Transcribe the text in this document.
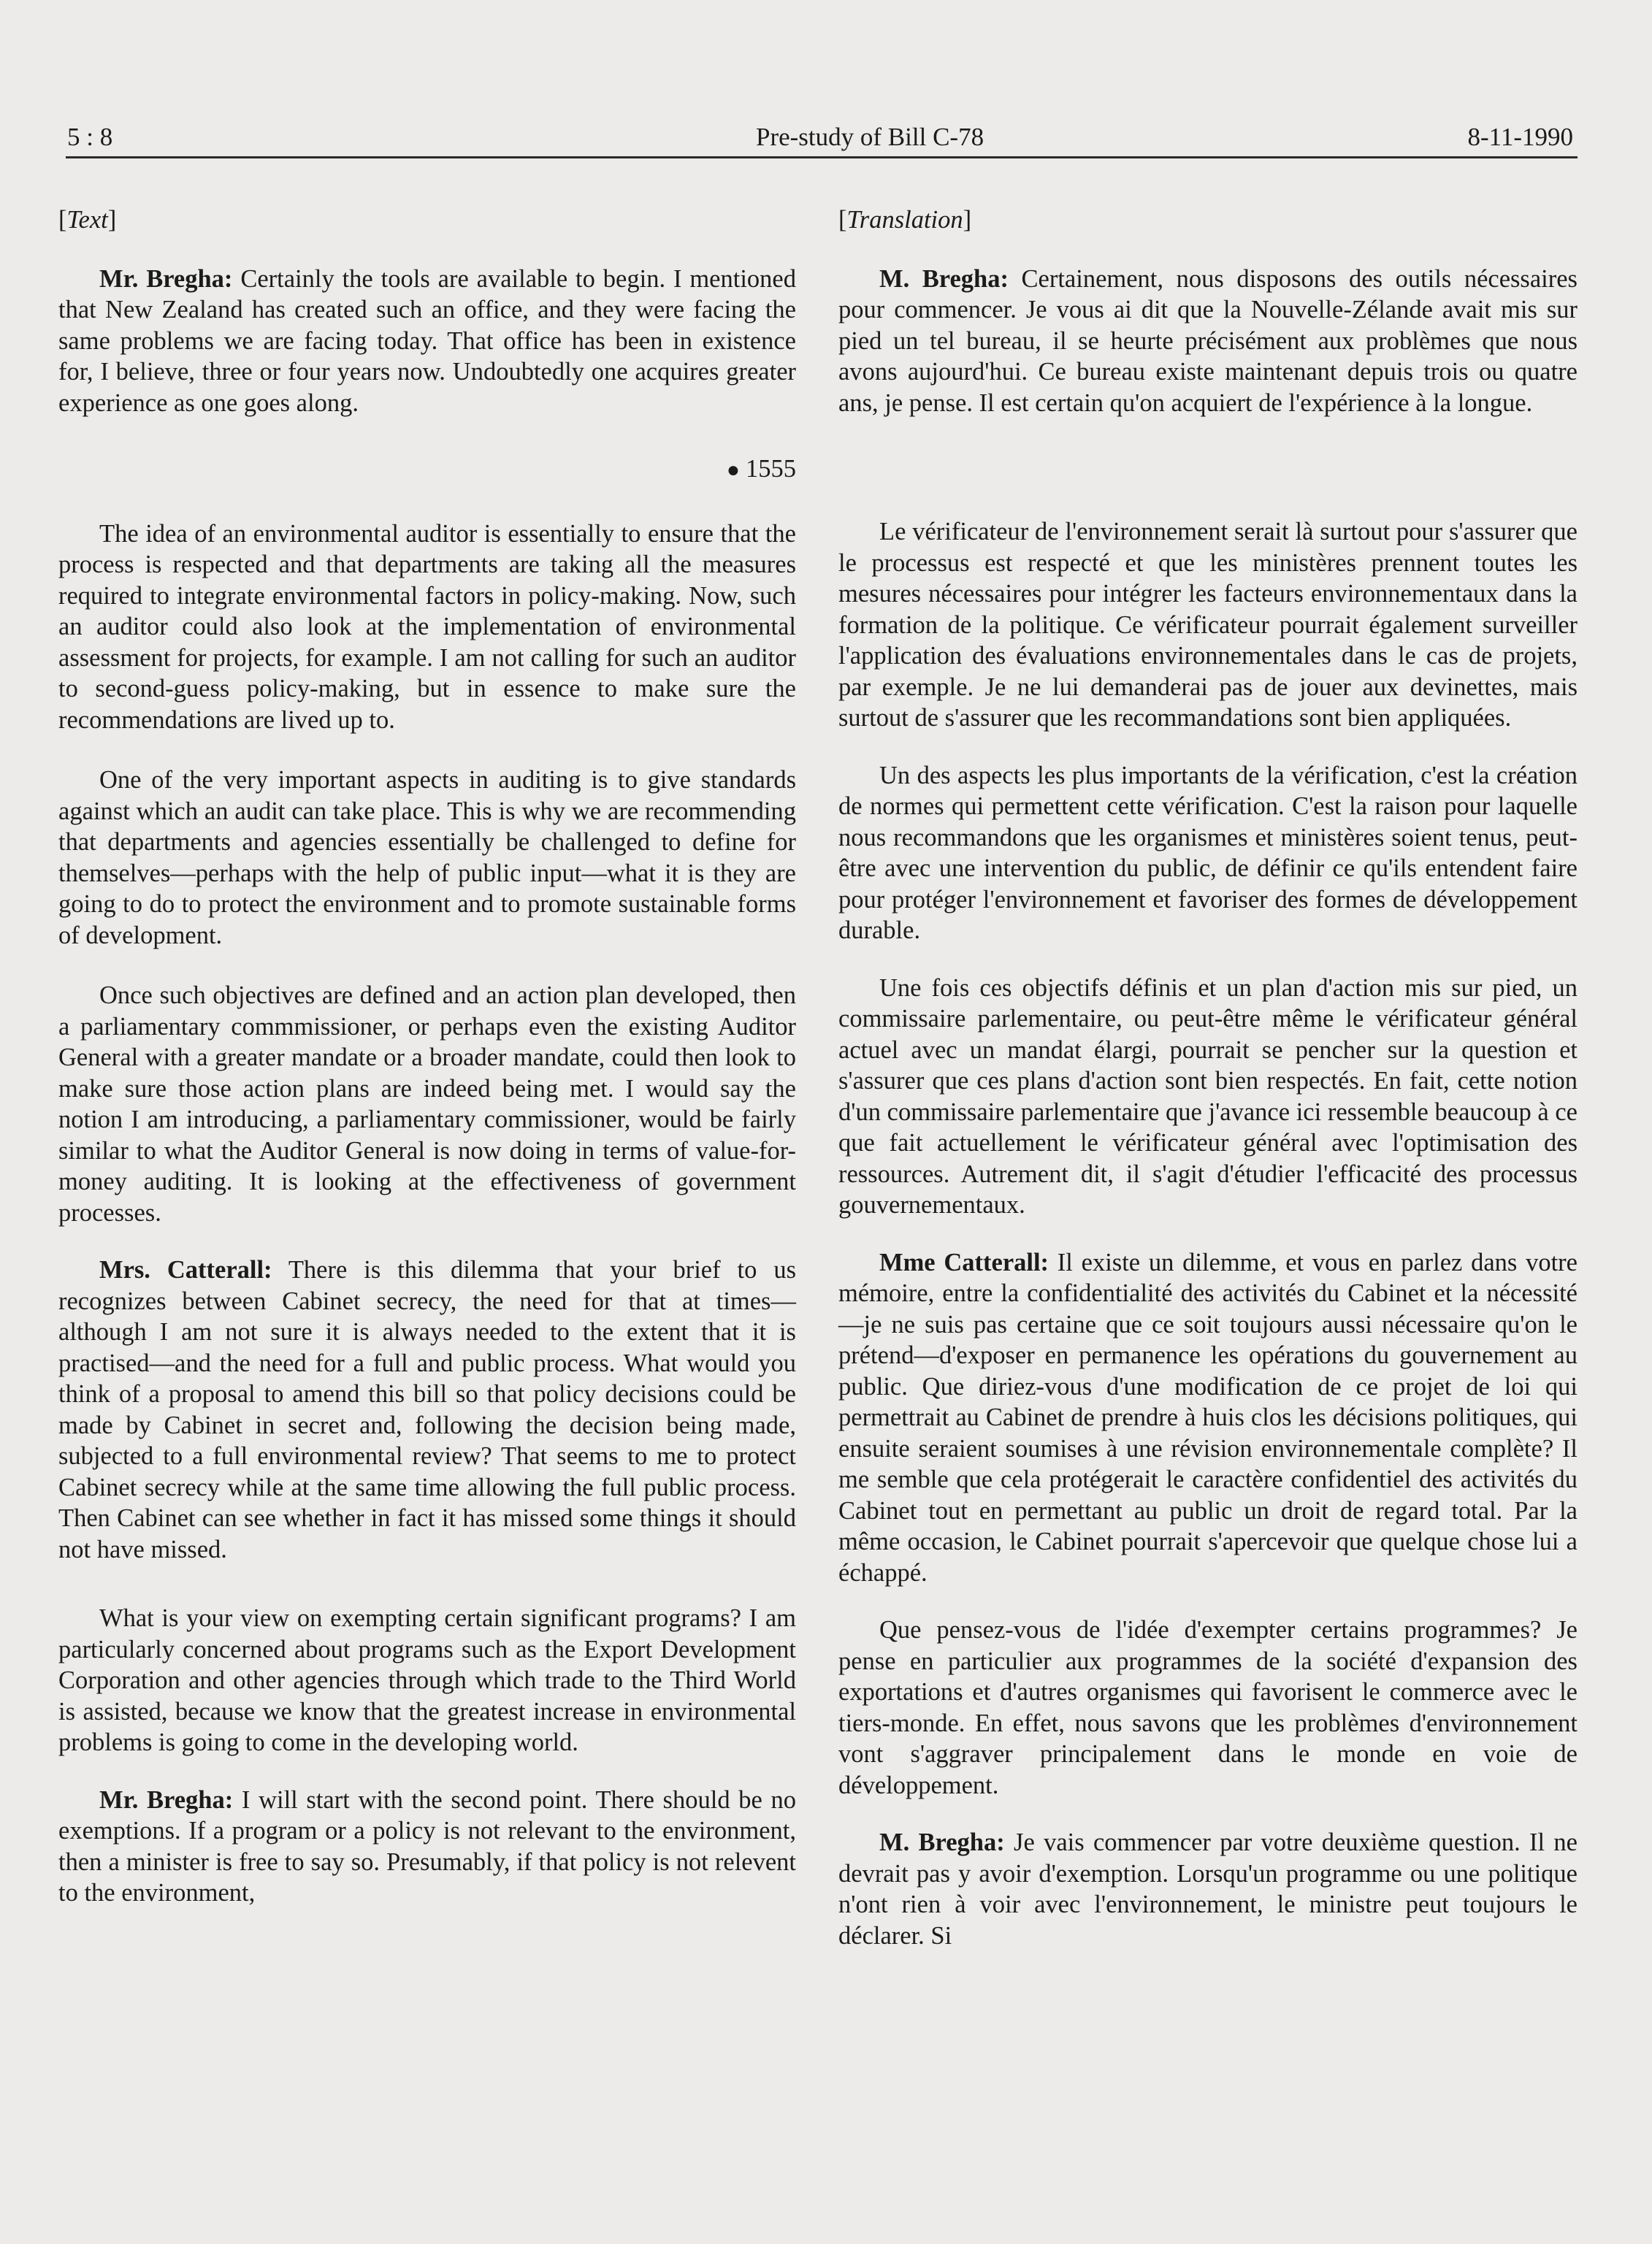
5 : 8	Pre-study of Bill C-78	8-11-1990
[Text]

Mr. Bregha: Certainly the tools are available to begin. I mentioned that New Zealand has created such an office, and they were facing the same problems we are facing today. That office has been in existence for, I believe, three or four years now. Undoubtedly one acquires greater experience as one goes along.

● 1555

The idea of an environmental auditor is essentially to ensure that the process is respected and that departments are taking all the measures required to integrate environmental factors in policy-making. Now, such an auditor could also look at the implementation of environmental assessment for projects, for example. I am not calling for such an auditor to second-guess policy-making, but in essence to make sure the recommendations are lived up to.

One of the very important aspects in auditing is to give standards against which an audit can take place. This is why we are recommending that departments and agencies essentially be challenged to define for themselves—perhaps with the help of public input—what it is they are going to do to protect the environment and to promote sustainable forms of development.

Once such objectives are defined and an action plan developed, then a parliamentary commmissioner, or perhaps even the existing Auditor General with a greater mandate or a broader mandate, could then look to make sure those action plans are indeed being met. I would say the notion I am introducing, a parliamentary commissioner, would be fairly similar to what the Auditor General is now doing in terms of value-for-money auditing. It is looking at the effectiveness of government processes.

Mrs. Catterall: There is this dilemma that your brief to us recognizes between Cabinet secrecy, the need for that at times—although I am not sure it is always needed to the extent that it is practised—and the need for a full and public process. What would you think of a proposal to amend this bill so that policy decisions could be made by Cabinet in secret and, following the decision being made, subjected to a full environmental review? That seems to me to protect Cabinet secrecy while at the same time allowing the full public process. Then Cabinet can see whether in fact it has missed some things it should not have missed.

What is your view on exempting certain significant programs? I am particularly concerned about programs such as the Export Development Corporation and other agencies through which trade to the Third World is assisted, because we know that the greatest increase in environmental problems is going to come in the developing world.

Mr. Bregha: I will start with the second point. There should be no exemptions. If a program or a policy is not relevant to the environment, then a minister is free to say so. Presumably, if that policy is not relevent to the environment,

[Translation]

M. Bregha: Certainement, nous disposons des outils nécessaires pour commencer. Je vous ai dit que la Nouvelle-Zélande avait mis sur pied un tel bureau, il se heurte précisément aux problèmes que nous avons aujourd'hui. Ce bureau existe maintenant depuis trois ou quatre ans, je pense. Il est certain qu'on acquiert de l'expérience à la longue.

Le vérificateur de l'environnement serait là surtout pour s'assurer que le processus est respecté et que les ministères prennent toutes les mesures nécessaires pour intégrer les facteurs environnementaux dans la formation de la politique. Ce vérificateur pourrait également surveiller l'application des évaluations environnementales dans le cas de projets, par exemple. Je ne lui demanderai pas de jouer aux devinettes, mais surtout de s'assurer que les recommandations sont bien appliquées.

Un des aspects les plus importants de la vérification, c'est la création de normes qui permettent cette vérification. C'est la raison pour laquelle nous recommandons que les organismes et ministères soient tenus, peut-être avec une intervention du public, de définir ce qu'ils entendent faire pour protéger l'environnement et favoriser des formes de développement durable.

Une fois ces objectifs définis et un plan d'action mis sur pied, un commissaire parlementaire, ou peut-être même le vérificateur général actuel avec un mandat élargi, pourrait se pencher sur la question et s'assurer que ces plans d'action sont bien respectés. En fait, cette notion d'un commissaire parlementaire que j'avance ici ressemble beaucoup à ce que fait actuellement le vérificateur général avec l'optimisation des ressources. Autrement dit, il s'agit d'étudier l'efficacité des processus gouvernementaux.

Mme Catterall: Il existe un dilemme, et vous en parlez dans votre mémoire, entre la confidentialité des activités du Cabinet et la nécessité—je ne suis pas certaine que ce soit toujours aussi nécessaire qu'on le prétend—d'exposer en permanence les opérations du gouvernement au public. Que diriez-vous d'une modification de ce projet de loi qui permettrait au Cabinet de prendre à huis clos les décisions politiques, qui ensuite seraient soumises à une révision environnementale complète? Il me semble que cela protégerait le caractère confidentiel des activités du Cabinet tout en permettant au public un droit de regard total. Par la même occasion, le Cabinet pourrait s'apercevoir que quelque chose lui a échappé.

Que pensez-vous de l'idée d'exempter certains programmes? Je pense en particulier aux programmes de la société d'expansion des exportations et d'autres organismes qui favorisent le commerce avec le tiers-monde. En effet, nous savons que les problèmes d'environnement vont s'aggraver principalement dans le monde en voie de développement.

M. Bregha: Je vais commencer par votre deuxième question. Il ne devrait pas y avoir d'exemption. Lorsqu'un programme ou une politique n'ont rien à voir avec l'environnement, le ministre peut toujours le déclarer. Si
